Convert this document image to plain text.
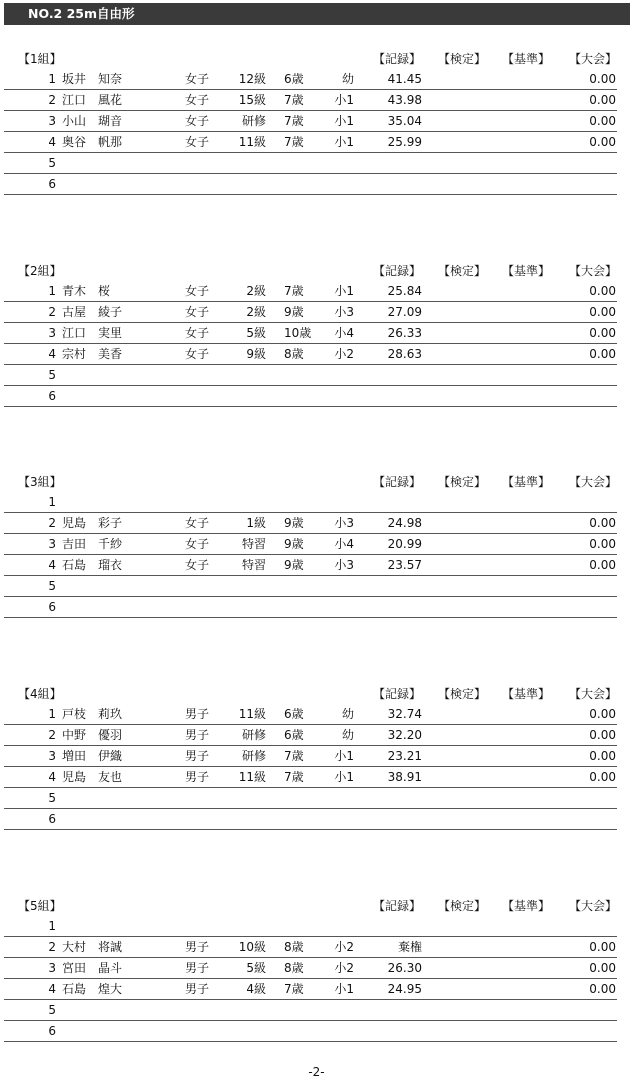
NO.2 25m自由形
【1組】	【記録】 【検定】 【基準】 【大会】
1 坂井　知奈	女子	12級 6歳	幼	41.45	0.00
2 江口　風花	女子	15級 7歳	小1	43.98	0.00
3 小山　瑚音	女子	研修 7歳	小1	35.04	0.00
4 奥谷　帆那	女子	11級 7歳	小1	25.99	0.00
5
6
【2組】	【記録】 【検定】 【基準】 【大会】
1 青木　桜	女子	2級 7歳	小1	25.84	0.00
2 古屋　綾子	女子	2級 9歳	小3	27.09	0.00
3 江口　実里	女子	5級 10歳	小4	26.33	0.00
4 宗村　美香	女子	9級 8歳	小2	28.63	0.00
5
6
【3組】	【記録】 【検定】 【基準】 【大会】
1
2 児島　彩子	女子	1級 9歳	小3	24.98	0.00
3 吉田　千紗	女子	特習 9歳	小4	20.99	0.00
4 石島　瑠衣	女子	特習 9歳	小3	23.57	0.00
5
6
【4組】	【記録】 【検定】 【基準】 【大会】
1 戸枝　莉玖	男子	11級 6歳	幼	32.74	0.00
2 中野　優羽	男子	研修 6歳	幼	32.20	0.00
3 増田　伊織	男子	研修 7歳	小1	23.21	0.00
4 児島　友也	男子	11級 7歳	小1	38.91	0.00
5
6
【5組】	【記録】 【検定】 【基準】 【大会】
1
2 大村　将誠	男子	10級 8歳	小2	棄権	0.00
3 宮田　晶斗	男子	5級 8歳	小2	26.30	0.00
4 石島　煌大	男子	4級 7歳	小1	24.95	0.00
5
6
-2-
